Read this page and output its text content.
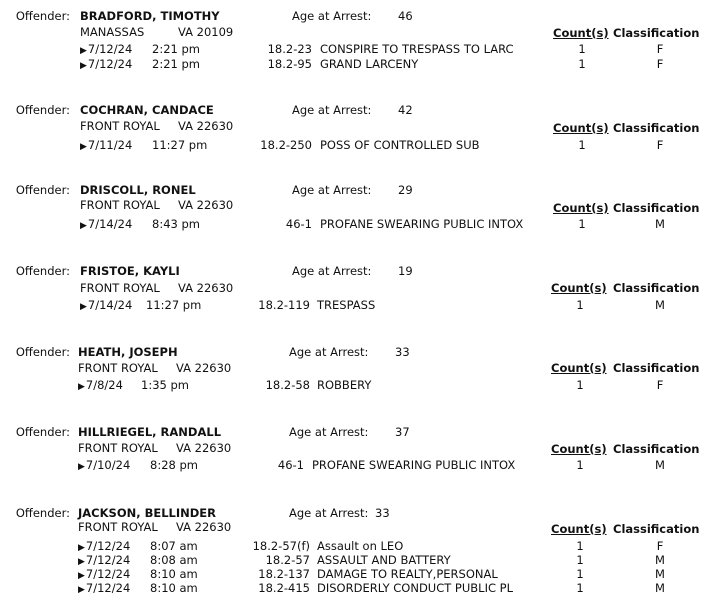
Offender: BRADFORD, TIMOTHY	Age at Arrest: 46
MANASSAS	VA 20109	Count(s) Classification
▶7/12/24 2:21 pm	18.2-23 CONSPIRE TO TRESPASS TO LARC	1	F
▶7/12/24 2:21 pm	18.2-95 GRAND LARCENY	1	F
Offender: COCHRAN, CANDACE	Age at Arrest: 42
FRONT ROYAL VA 22630	Count(s) Classification
▶7/11/24 11:27 pm	18.2-250 POSS OF CONTROLLED SUB	1	F
Offender: DRISCOLL, RONEL	Age at Arrest: 29
FRONT ROYAL VA 22630	Count(s) Classification
▶7/14/24 8:43 pm	46-1 PROFANE SWEARING PUBLIC INTOX	1	M
Offender: FRISTOE, KAYLI	Age at Arrest: 19
FRONT ROYAL VA 22630	Count(s) Classification
▶7/14/24 11:27 pm	18.2-119 TRESPASS	1	M
Offender: HEATH, JOSEPH	Age at Arrest: 33
FRONT ROYAL VA 22630	Count(s) Classification
▶7/8/24 1:35 pm	18.2-58 ROBBERY	1	F
Offender: HILLRIEGEL, RANDALL	Age at Arrest: 37
FRONT ROYAL VA 22630	Count(s) Classification
▶7/10/24 8:28 pm	46-1 PROFANE SWEARING PUBLIC INTOX	1	M
Offender: JACKSON, BELLINDER	Age at Arrest: 33
FRONT ROYAL VA 22630	Count(s) Classification
▶7/12/24 8:07 am	18.2-57(f) Assault on LEO	1	F
▶7/12/24 8:08 am	18.2-57 ASSAULT AND BATTERY	1	M
▶7/12/24 8:10 am	18.2-137 DAMAGE TO REALTY,PERSONAL	1	M
▶7/12/24 8:10 am	18.2-415 DISORDERLY CONDUCT PUBLIC PL	1	M
